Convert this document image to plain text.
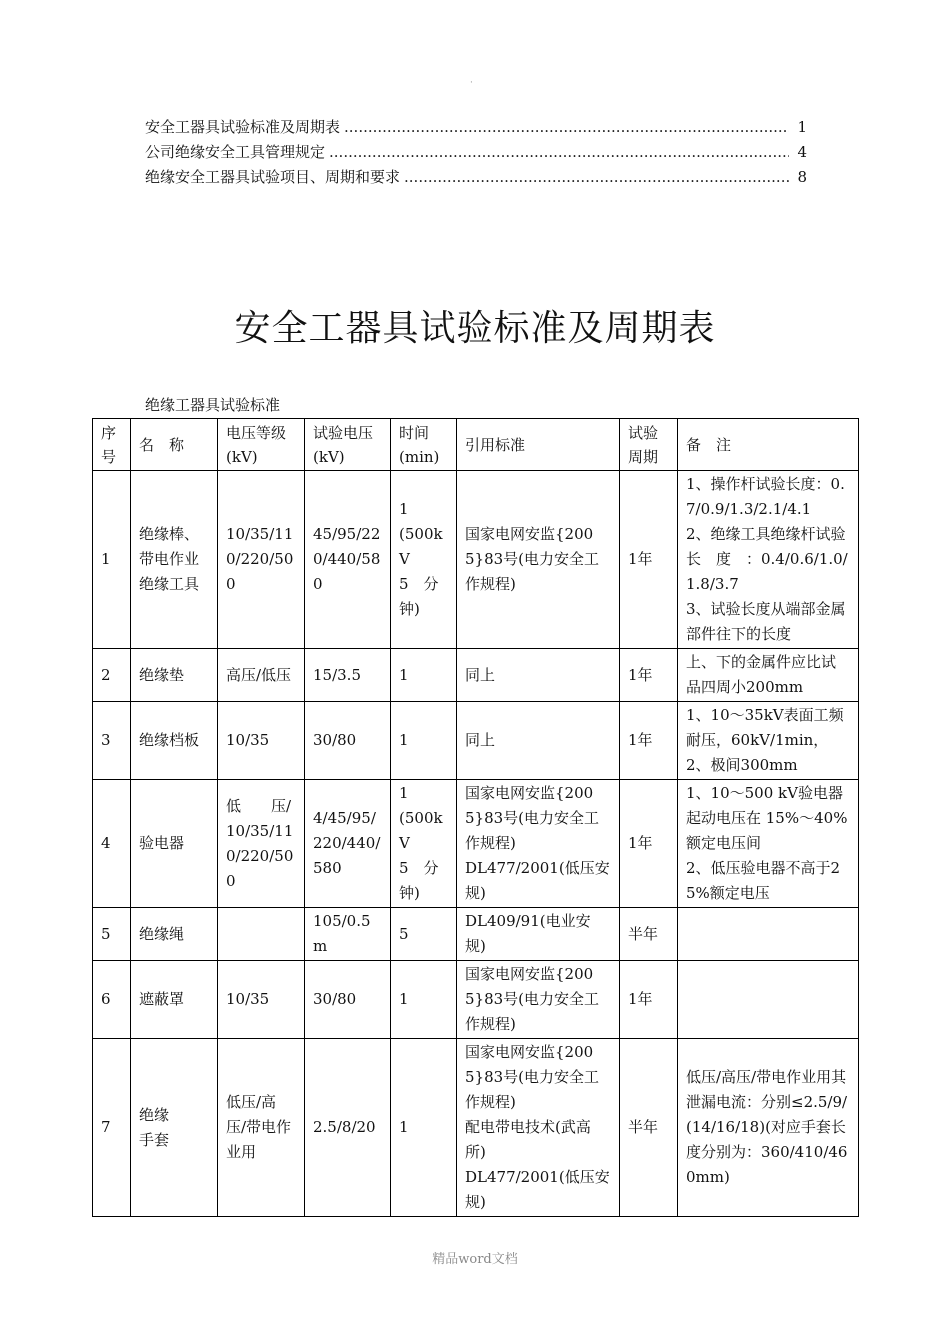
·
安全工器具试验标准及周期表 .....	1
公司绝缘安全工具管理规定 .....	4
绝缘安全工器具试验项目、周期和要求 .....	8
安全工器具试验标准及周期表
绝缘工器具试验标准
序
号	名　称	电压等级
(kV)	试验电压
(kV)	时间
(min)	引用标准	试验
周期	备　注
1	绝缘棒、带电作业绝缘工具	10/35/110/220/500	45/95/220/440/580	1
(500kV
5　分钟)	国家电网安监{2005}83号(电力安全工作规程)	1年	1、操作杆试验长度：0.7/0.9/1.3/2.1/4.1
2、绝缘工具绝缘杆试验　长　度　：0.4/0.6/1.0/1.8/3.7
3、试验长度从端部金属部件往下的长度
2	绝缘垫	高压/低压	15/3.5	1	同上	1年	上、下的金属件应比试品四周小200mm
3	绝缘档板	10/35	30/80	1	同上	1年	1、10～35kV表面工频耐压，60kV/1min，
2、极间300mm
4	验电器	低　　压/10/35/110/220/500	4/45/95/220/440/580	1
(500kV
5　分钟)	国家电网安监{2005}83号(电力安全工作规程)
DL477/2001(低压安规)	1年	1、10～500 kV验电器起动电压在 15%～40%额定电压间
2、低压验电器不高于25%额定电压
5	绝缘绳		105/0.5m	5	DL409/91(电业安规)	半年	
6	遮蔽罩	10/35	30/80	1	国家电网安监{2005}83号(电力安全工作规程)	1年	
7	绝缘
手套	低压/高压/带电作业用	2.5/8/20	1	国家电网安监{2005}83号(电力安全工作规程)
配电带电技术(武高所)
DL477/2001(低压安规)	半年	低压/高压/带电作业用其泄漏电流：分别≤2.5/9/(14/16/18)(对应手套长度分别为：360/410/460mm)
精品word文档
